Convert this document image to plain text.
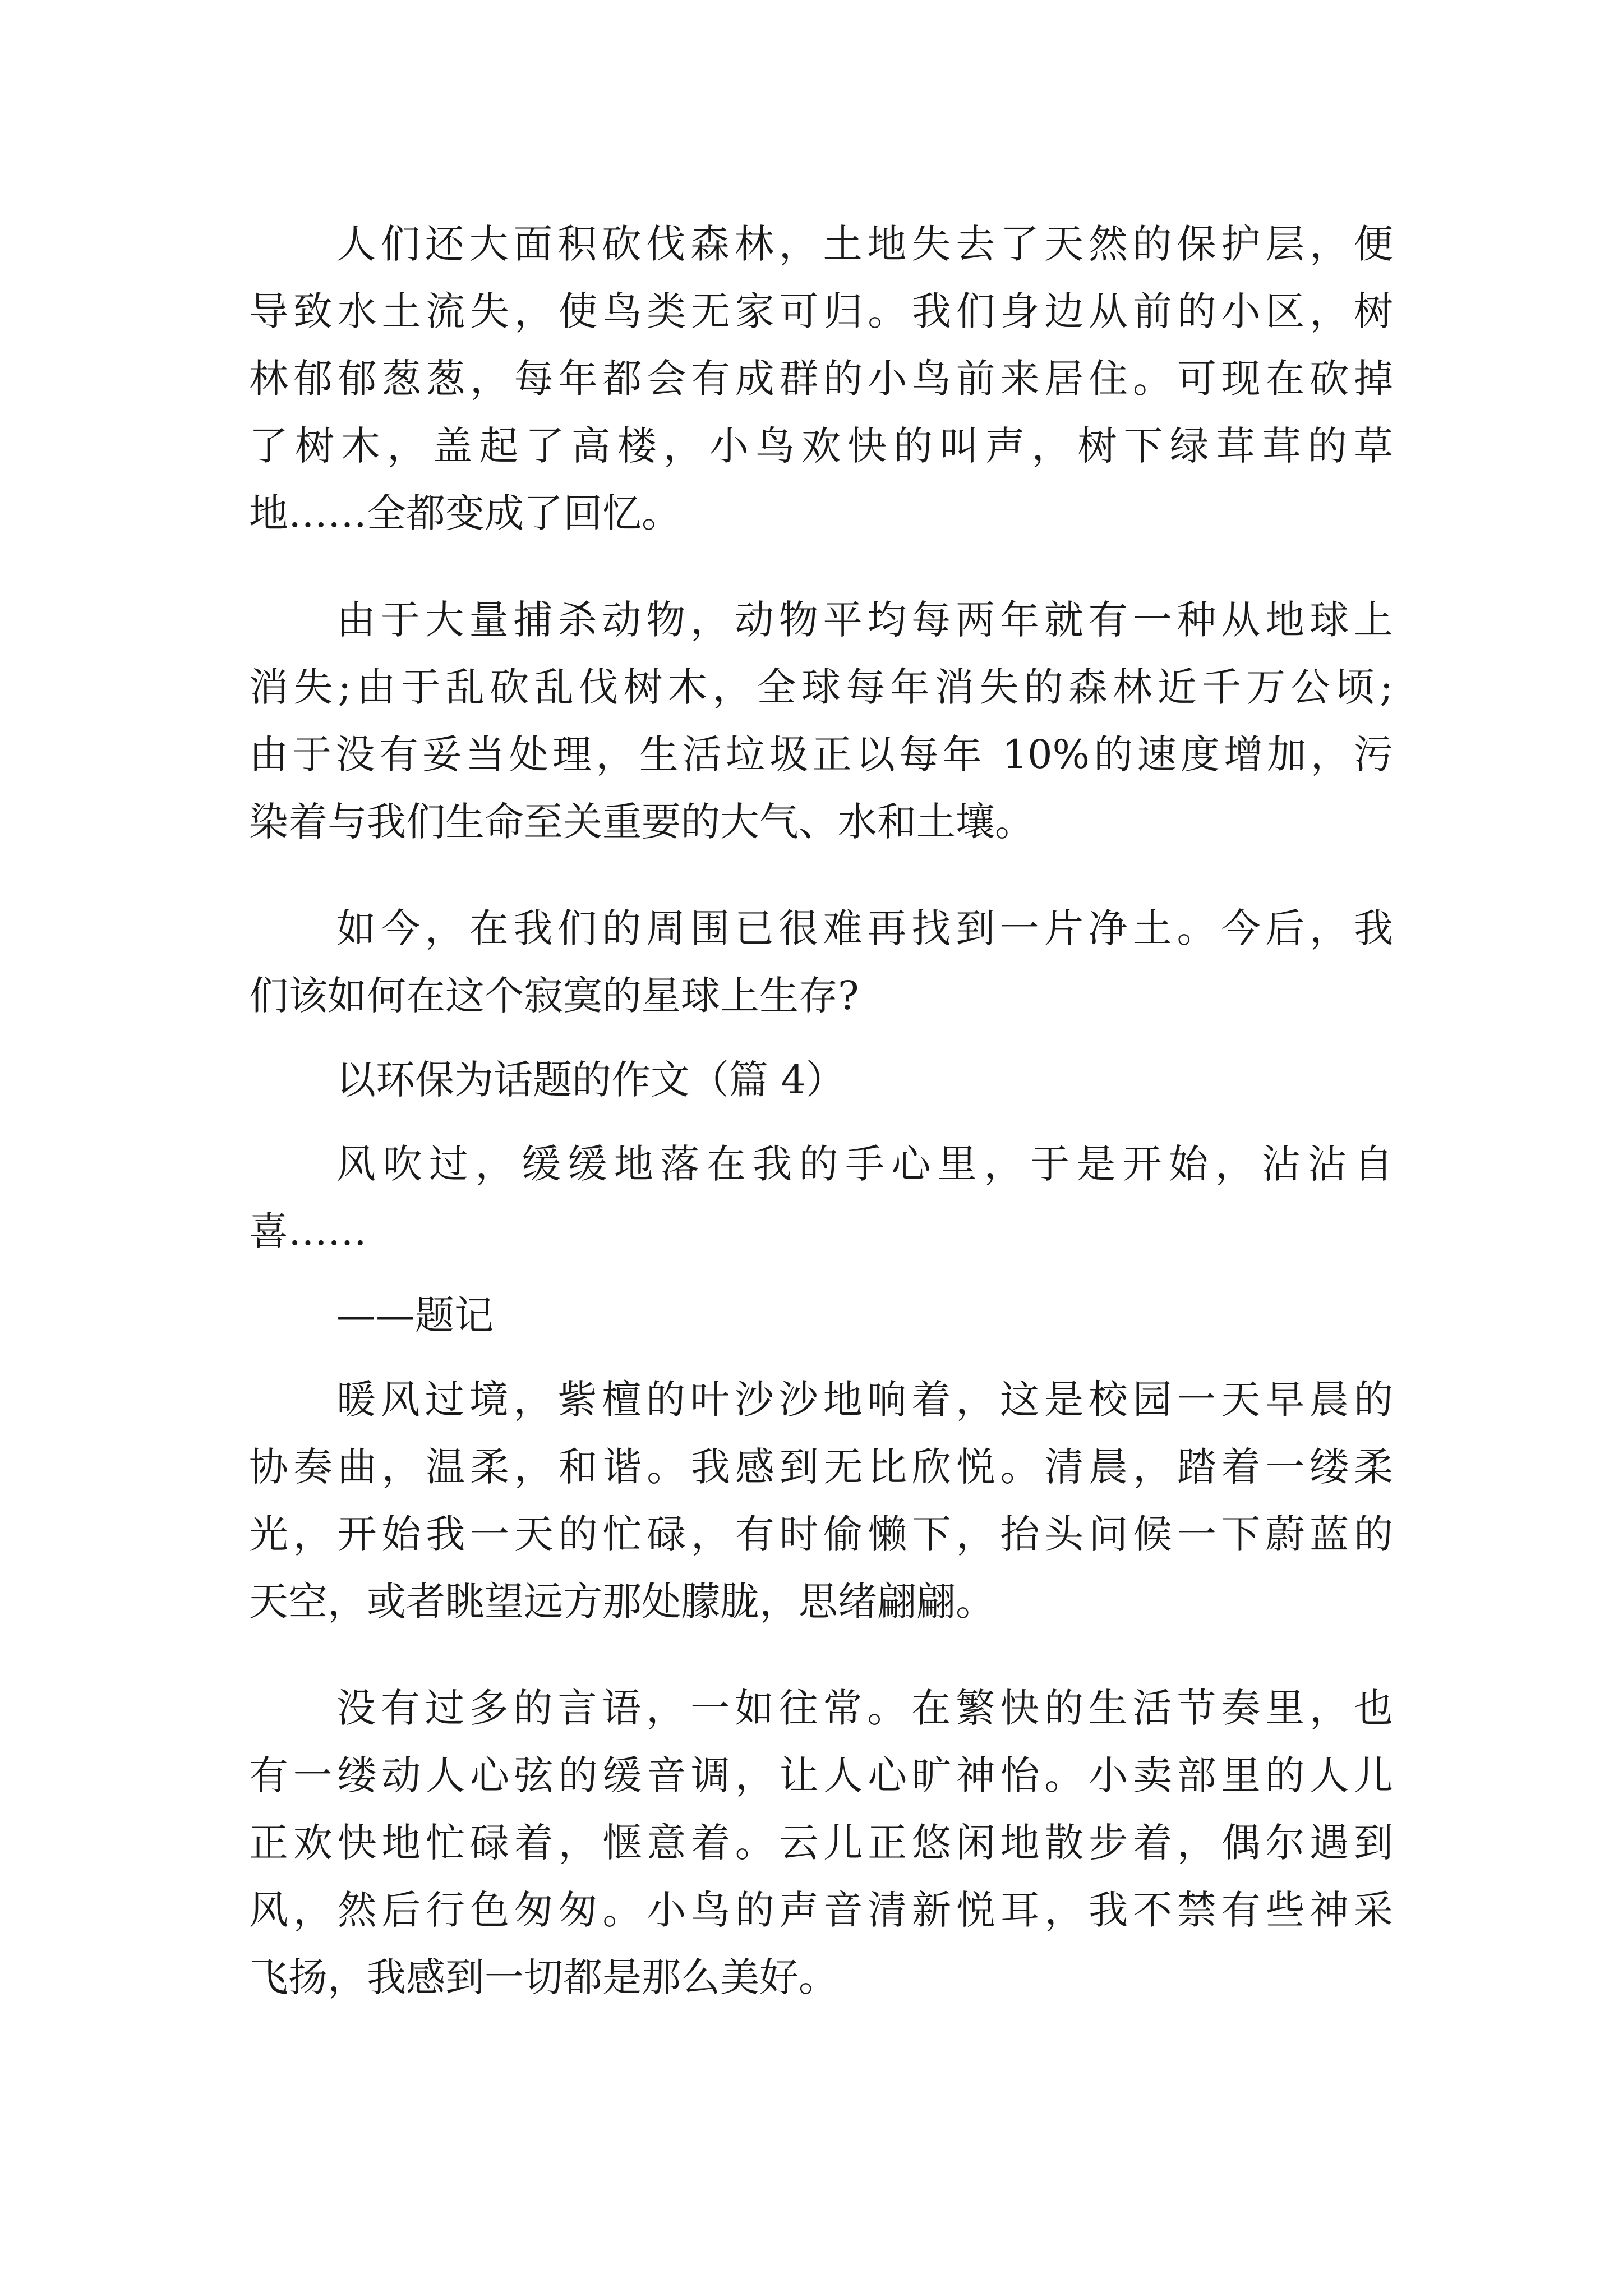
人们还大面积砍伐森林，土地失去了天然的保护层，便
导致水土流失，使鸟类无家可归。我们身边从前的小区，树
林郁郁葱葱，每年都会有成群的小鸟前来居住。可现在砍掉
了树木，盖起了高楼，小鸟欢快的叫声，树下绿茸茸的草
地……全都变成了回忆。
由于大量捕杀动物，动物平均每两年就有一种从地球上
消失;由于乱砍乱伐树木，全球每年消失的森林近千万公顷;
由于没有妥当处理，生活垃圾正以每年 10%的速度增加，污
染着与我们生命至关重要的大气、水和土壤。
如今，在我们的周围已很难再找到一片净土。今后，我
们该如何在这个寂寞的星球上生存?
以环保为话题的作文（篇 4）
风吹过，缓缓地落在我的手心里，于是开始，沾沾自
喜……
——题记
暖风过境，紫檀的叶沙沙地响着，这是校园一天早晨的
协奏曲，温柔，和谐。我感到无比欣悦。清晨，踏着一缕柔
光，开始我一天的忙碌，有时偷懒下，抬头问候一下蔚蓝的
天空，或者眺望远方那处朦胧，思绪翩翩。
没有过多的言语，一如往常。在繁快的生活节奏里，也
有一缕动人心弦的缓音调，让人心旷神怡。小卖部里的人儿
正欢快地忙碌着，惬意着。云儿正悠闲地散步着，偶尔遇到
风，然后行色匆匆。小鸟的声音清新悦耳，我不禁有些神采
飞扬，我感到一切都是那么美好。
